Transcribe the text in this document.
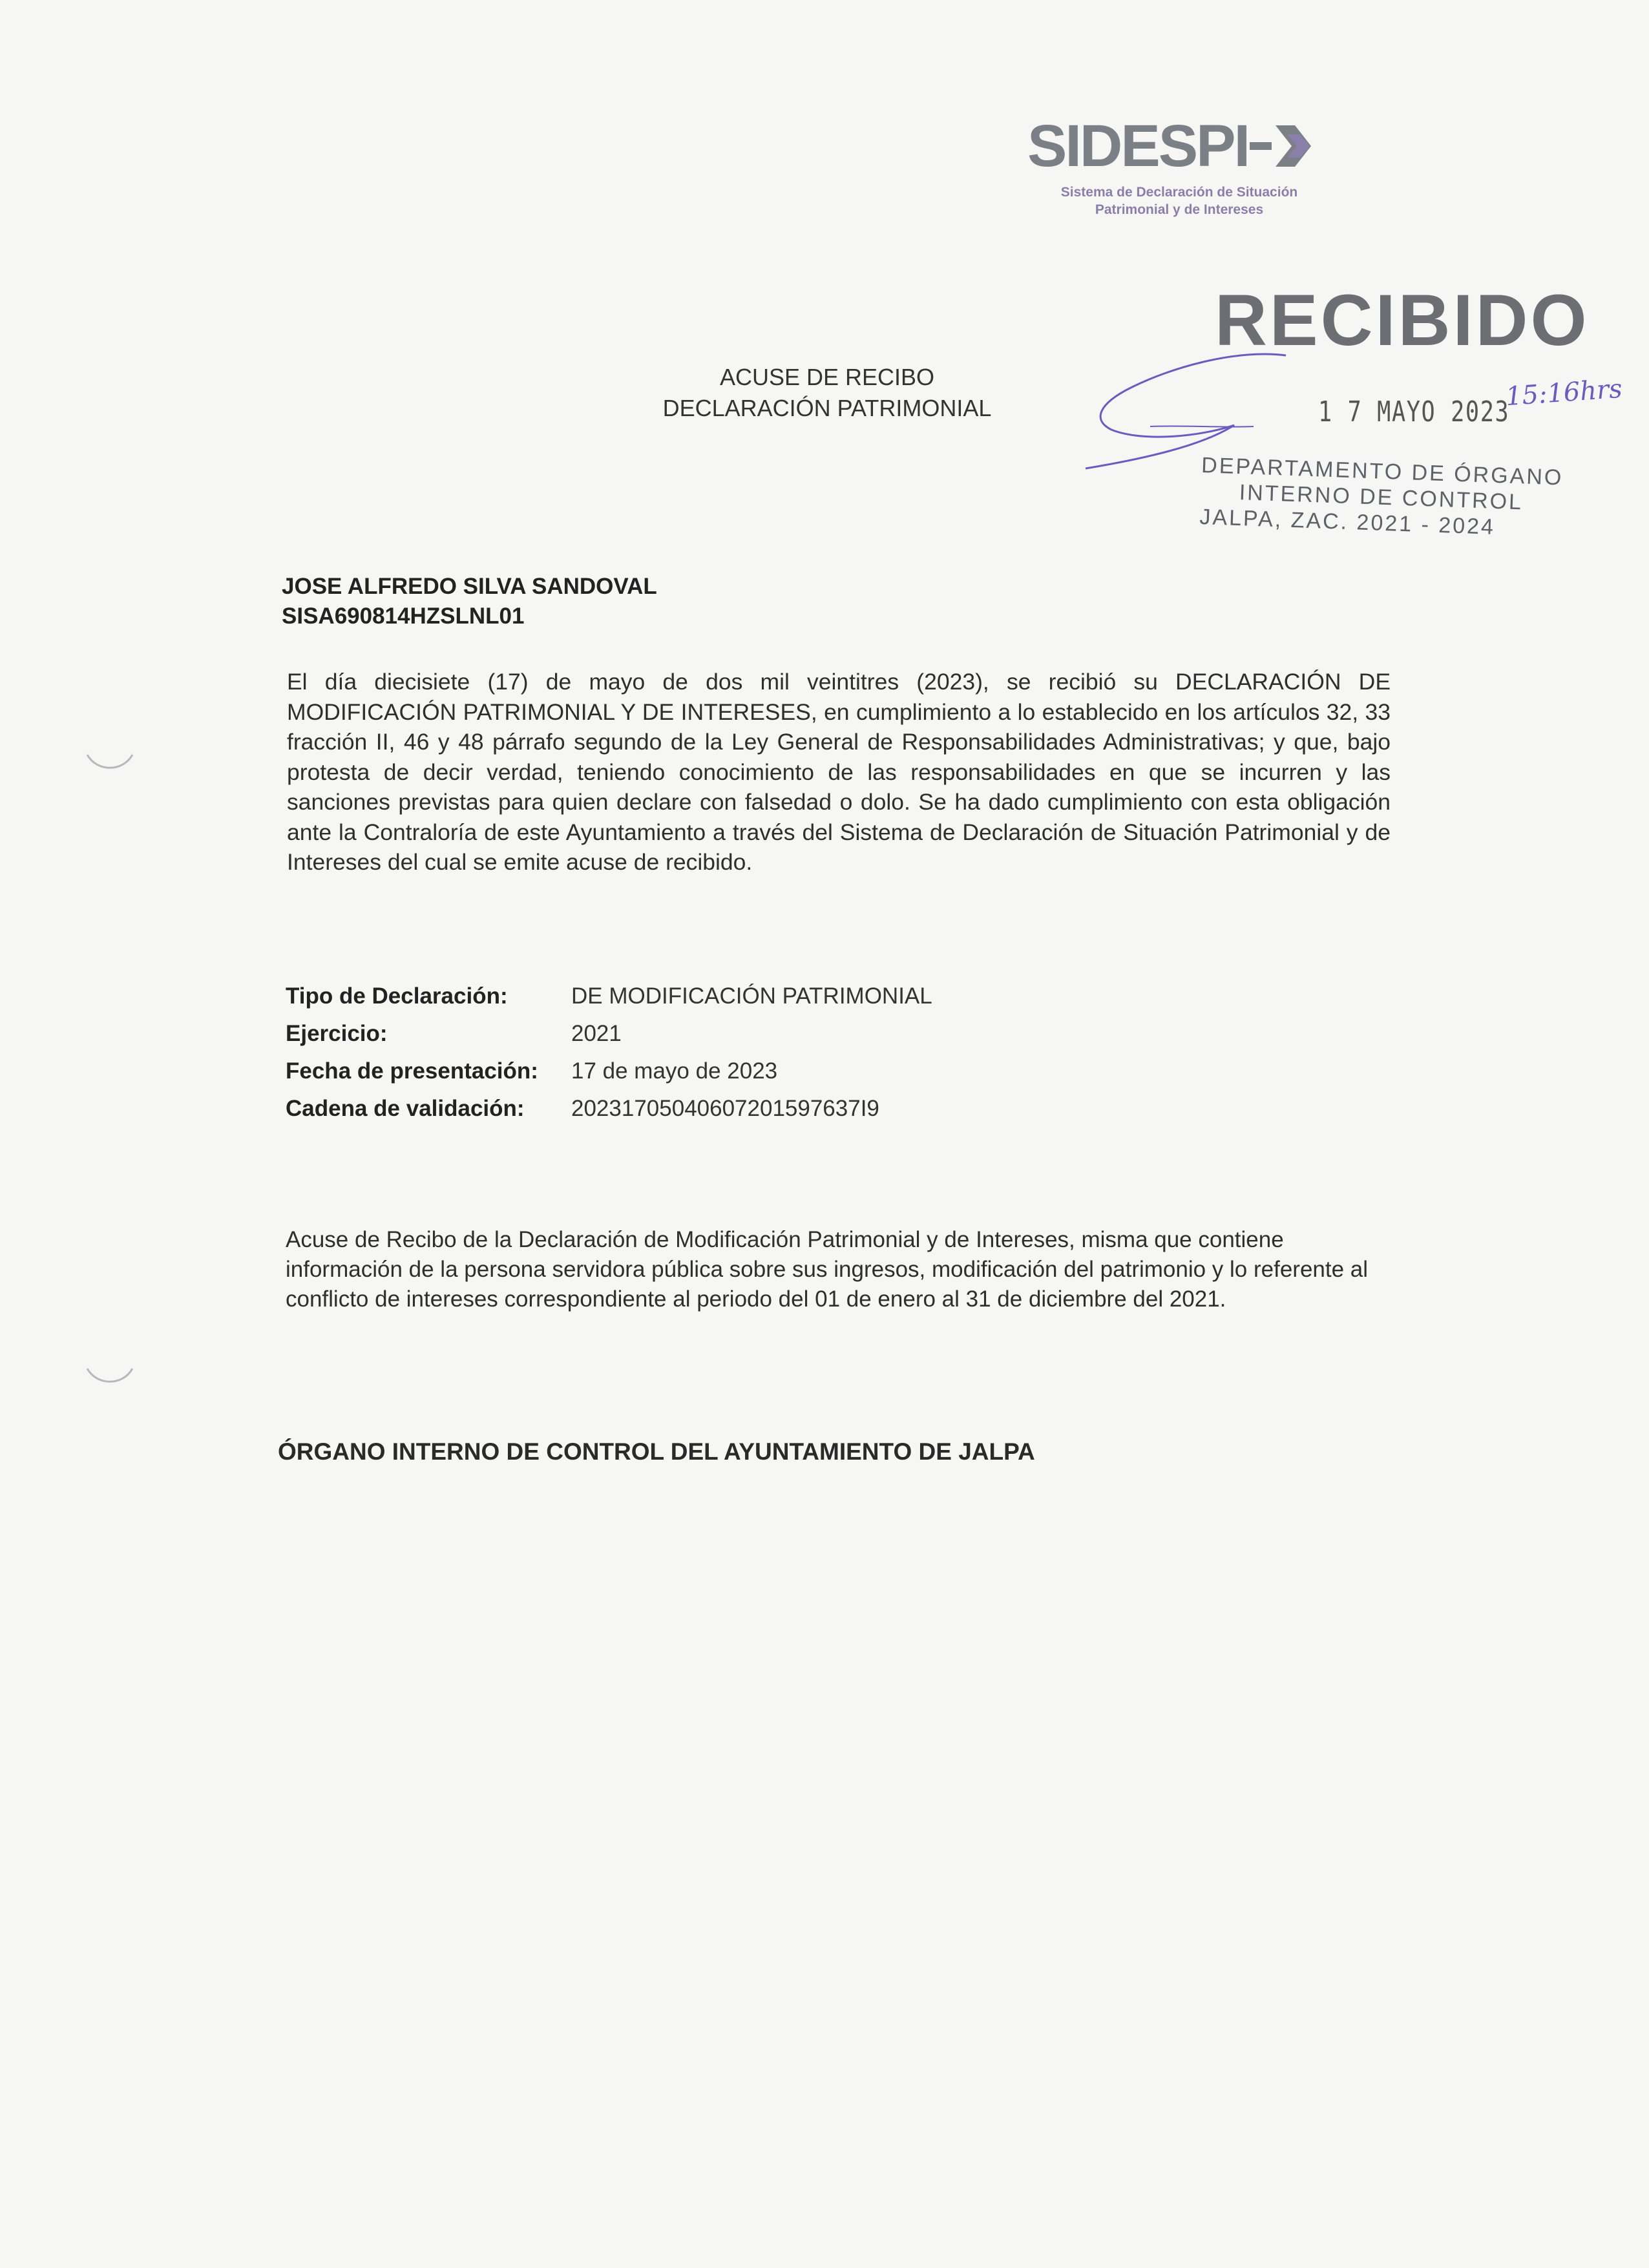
SIDESPI
Sistema de Declaración de Situación
Patrimonial y de Intereses
ACUSE DE RECIBO
DECLARACIÓN PATRIMONIAL
RECIBIDO
1 7 MAYO 2023
15:16hrs
DEPARTAMENTO DE ÓRGANO
INTERNO DE CONTROL
JALPA, ZAC. 2021 - 2024
JOSE ALFREDO SILVA SANDOVAL
SISA690814HZSLNL01
El día diecisiete (17) de mayo de dos mil veintitres (2023), se recibió su DECLARACIÓN DE MODIFICACIÓN PATRIMONIAL Y DE INTERESES, en cumplimiento a lo establecido en los artículos 32, 33 fracción II, 46 y 48 párrafo segundo de la Ley General de Responsabilidades Administrativas; y que, bajo protesta de decir verdad, teniendo conocimiento de las responsabilidades en que se incurren y las sanciones previstas para quien declare con falsedad o dolo. Se ha dado cumplimiento con esta obligación ante la Contraloría de este Ayuntamiento a través del Sistema de Declaración de Situación Patrimonial y de Intereses del cual se emite acuse de recibido.
Tipo de Declaración:	DE MODIFICACIÓN PATRIMONIAL
Ejercicio:	2021
Fecha de presentación:	17 de mayo de 2023
Cadena de validación:	20231705040607201597637I9
Acuse de Recibo de la Declaración de Modificación Patrimonial y de Intereses, misma que contiene información de la persona servidora pública sobre sus ingresos, modificación del patrimonio y lo referente al conflicto de intereses correspondiente al periodo del 01 de enero al 31 de diciembre del 2021.
ÓRGANO INTERNO DE CONTROL DEL AYUNTAMIENTO DE JALPA
